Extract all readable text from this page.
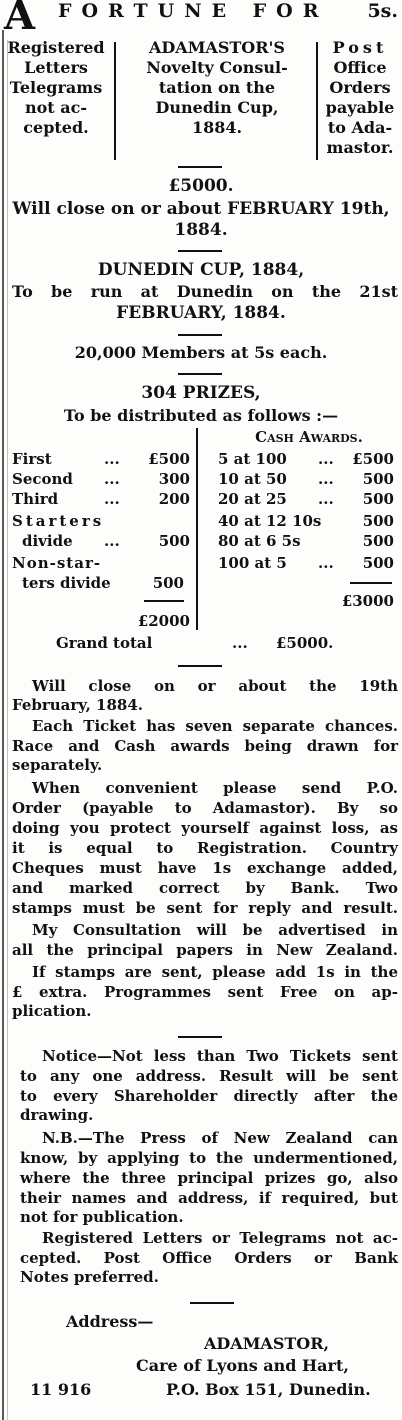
A FORTUNE FOR 5s.
Registered
Letters
Telegrams
not ac-
cepted.
ADAMASTOR'S
Novelty Consul-
tation on the
Dunedin Cup,
1884.
Post
Office
Orders
payable
to Ada-
mastor.
£5000.
Will close on or about FEBRUARY 19th,
1884.
DUNEDIN CUP, 1884,
To be run at Dunedin on the 21st
FEBRUARY, 1884.
20,000 Members at 5s each.
304 PRIZES,
To be distributed as follows :—
Cash Awards.
First	...	£500
Second ...	300
Third	...	200
Starters
divide ...	500
Non-star-
ters divide	500
£2000
5 at 100 ...	£500
10 at 50 ...	500
20 at 25 ...	500
40 at 12 10s	500
80 at 6 5s	500
100 at 5 ...	500
£3000
Grand total	... £5000.
Will close on or about the 19th
February, 1884.
Each Ticket has seven separate chances.
Race and Cash awards being drawn for
separately.
When convenient please send P.O.
Order (payable to Adamastor). By so
doing you protect yourself against loss, as
it is equal to Registration. Country
Cheques must have 1s exchange added,
and marked correct by Bank. Two
stamps must be sent for reply and result.
My Consultation will be advertised in
all the principal papers in New Zealand.
If stamps are sent, please add 1s in the
£ extra. Programmes sent Free on ap-
plication.
Notice—Not less than Two Tickets sent
to any one address. Result will be sent
to every Shareholder directly after the
drawing.
N.B.—The Press of New Zealand can
know, by applying to the undermentioned,
where the three principal prizes go, also
their names and address, if required, but
not for publication.
Registered Letters or Telegrams not ac-
cepted. Post Office Orders or Bank
Notes preferred.
Address—
ADAMASTOR,
Care of Lyons and Hart,
11 916	P.O. Box 151, Dunedin.
